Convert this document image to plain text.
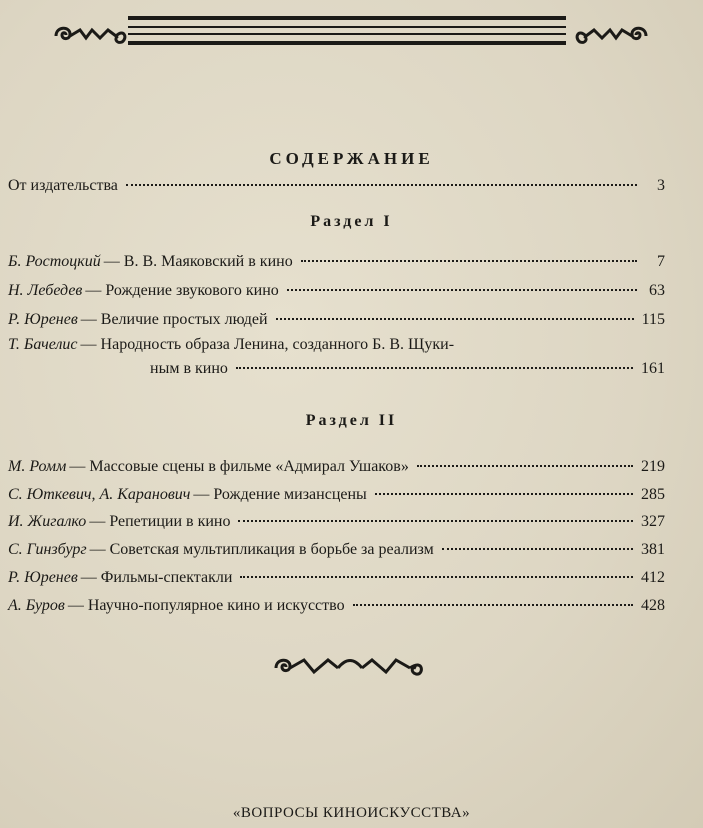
СОДЕРЖАНИЕ
От издательства	3
Раздел I
Б. Ростоцкий — В. В. Маяковский в кино	7
Н. Лебедев — Рождение звукового кино	63
Р. Юренев — Величие простых людей	115
Т. Бачелис — Народность образа Ленина, созданного Б. В. Щуки-
ным в кино	161
Раздел II
М. Ромм — Массовые сцены в фильме «Адмирал Ушаков»	219
С. Юткевич, А. Каранович — Рождение мизансцены	285
И. Жигалко — Репетиции в кино	327
С. Гинзбург — Советская мультипликация в борьбе за реализм	381
Р. Юренев — Фильмы-спектакли	412
А. Буров — Научно-популярное кино и искусство	428
«ВОПРОСЫ КИНОИСКУССТВА»
